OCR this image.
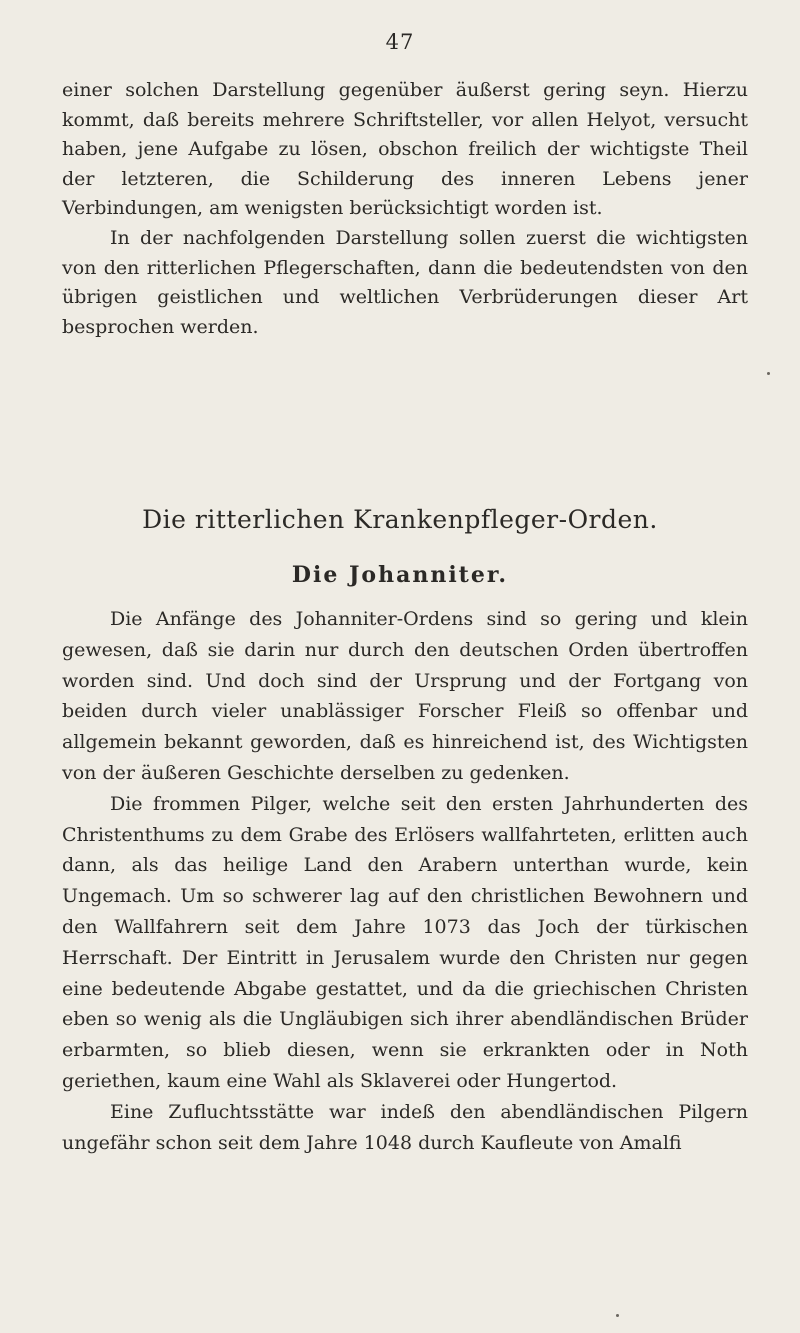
47

einer solchen Darstellung gegenüber äußerst gering seyn. Hierzu kommt, daß bereits mehrere Schriftsteller, vor allen Helyot, versucht haben, jene Aufgabe zu lösen, obschon freilich der wichtigste Theil der letzteren, die Schilderung des inneren Lebens jener Verbindungen, am wenigsten berücksichtigt worden ist.

In der nachfolgenden Darstellung sollen zuerst die wichtigsten von den ritterlichen Pflegerschaften, dann die bedeutendsten von den übrigen geistlichen und weltlichen Verbrüderungen dieser Art besprochen werden.

Die ritterlichen Krankenpfleger-Orden.
Die Johanniter.

Die Anfänge des Johanniter-Ordens sind so gering und klein gewesen, daß sie darin nur durch den deutschen Orden übertroffen worden sind. Und doch sind der Ursprung und der Fortgang von beiden durch vieler unablässiger Forscher Fleiß so offenbar und allgemein bekannt geworden, daß es hinreichend ist, des Wichtigsten von der äußeren Geschichte derselben zu gedenken.

Die frommen Pilger, welche seit den ersten Jahrhunderten des Christenthums zu dem Grabe des Erlösers wallfahrteten, erlitten auch dann, als das heilige Land den Arabern unterthan wurde, kein Ungemach. Um so schwerer lag auf den christlichen Bewohnern und den Wallfahrern seit dem Jahre 1073 das Joch der türkischen Herrschaft. Der Eintritt in Jerusalem wurde den Christen nur gegen eine bedeutende Abgabe gestattet, und da die griechischen Christen eben so wenig als die Ungläubigen sich ihrer abendländischen Brüder erbarmten, so blieb diesen, wenn sie erkrankten oder in Noth geriethen, kaum eine Wahl als Sklaverei oder Hungertod.

Eine Zufluchtsstätte war indeß den abendländischen Pilgern ungefähr schon seit dem Jahre 1048 durch Kaufleute von Amalfi
